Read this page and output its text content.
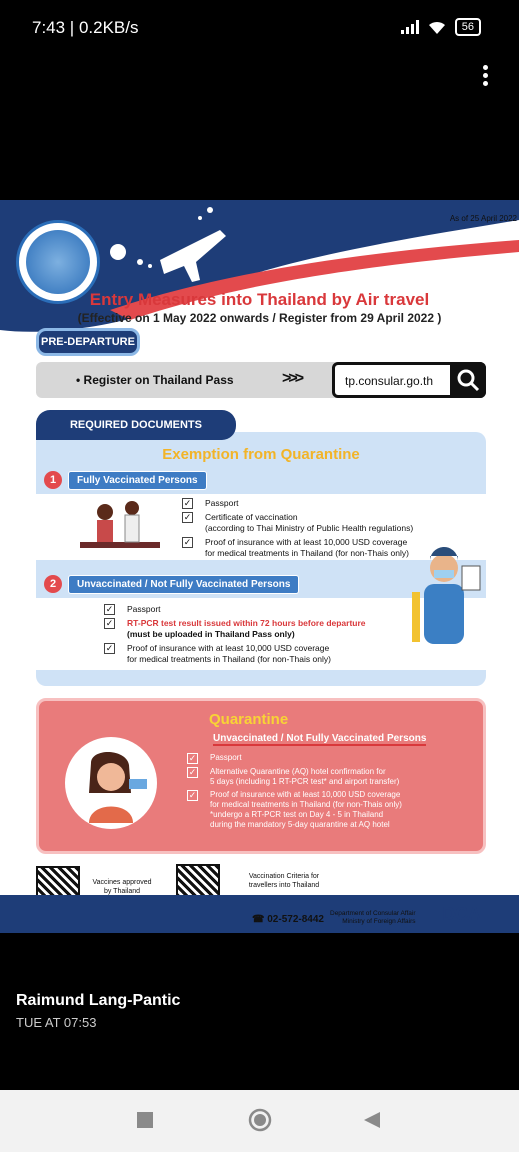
7:43 | 0.2KB/s	56
As of 25 April 2022
Entry Measures into Thailand by Air travel
(Effective on 1 May 2022 onwards / Register from 29 April 2022 )
PRE-DEPARTURE
• Register on Thailand Pass	>>>	tp.consular.go.th
Exemption from Quarantine
1	Fully Vaccinated Persons
✓ Passport
✓ Certificate of vaccination
(according to Thai Ministry of Public Health regulations)
✓ Proof of insurance with at least 10,000 USD coverage
for medical treatments in Thailand (for non-Thais only)
2	Unvaccinated / Not Fully Vaccinated Persons
✓ Passport
✓ RT-PCR test result issued within 72 hours before departure
(must be uploaded in Thailand Pass only)
✓ Proof of insurance with at least 10,000 USD coverage
for medical treatments in Thailand (for non-Thais only)
REQUIRED DOCUMENTS
Quarantine
Unvaccinated / Not Fully Vaccinated Persons
✓ Passport
✓ Alternative Quarantine (AQ) hotel confirmation for
5 days (including 1 RT-PCR test* and airport transfer)
✓ Proof of insurance with at least 10,000 USD coverage
for medical treatments in Thailand (for non-Thais only)
*undergo a RT-PCR test on Day 4 - 5 in Thailand
during the mandatory 5-day quarantine at AQ hotel
Vaccines approved by Thailand
Vaccination Criteria for travellers into Thailand
☎ 02-572-8442
Department of Consular Affair
Ministry of Foreign Affairs DCA
Raimund Lang-Pantic
TUE AT 07:53
